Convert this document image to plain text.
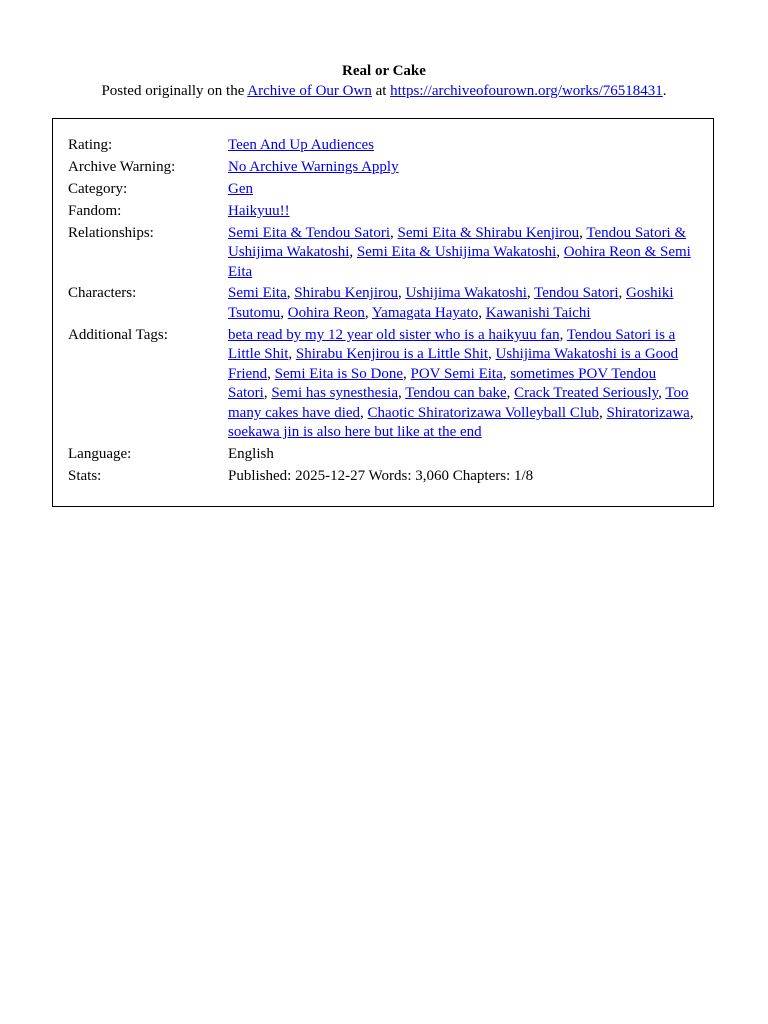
Real or Cake
Posted originally on the Archive of Our Own at https://archiveofourown.org/works/76518431.
Rating:	Teen And Up Audiences
Archive Warning:	No Archive Warnings Apply
Category:	Gen
Fandom:	Haikyuu!!
Relationships:	Semi Eita & Tendou Satori, Semi Eita & Shirabu Kenjirou, Tendou Satori & Ushijima Wakatoshi, Semi Eita & Ushijima Wakatoshi, Oohira Reon & Semi Eita
Characters:	Semi Eita, Shirabu Kenjirou, Ushijima Wakatoshi, Tendou Satori, Goshiki Tsutomu, Oohira Reon, Yamagata Hayato, Kawanishi Taichi
Additional Tags:	beta read by my 12 year old sister who is a haikyuu fan, Tendou Satori is a Little Shit, Shirabu Kenjirou is a Little Shit, Ushijima Wakatoshi is a Good Friend, Semi Eita is So Done, POV Semi Eita, sometimes POV Tendou Satori, Semi has synesthesia, Tendou can bake, Crack Treated Seriously, Too many cakes have died, Chaotic Shiratorizawa Volleyball Club, Shiratorizawa, soekawa jin is also here but like at the end
Language:	English
Stats:	Published: 2025-12-27 Words: 3,060 Chapters: 1/8
